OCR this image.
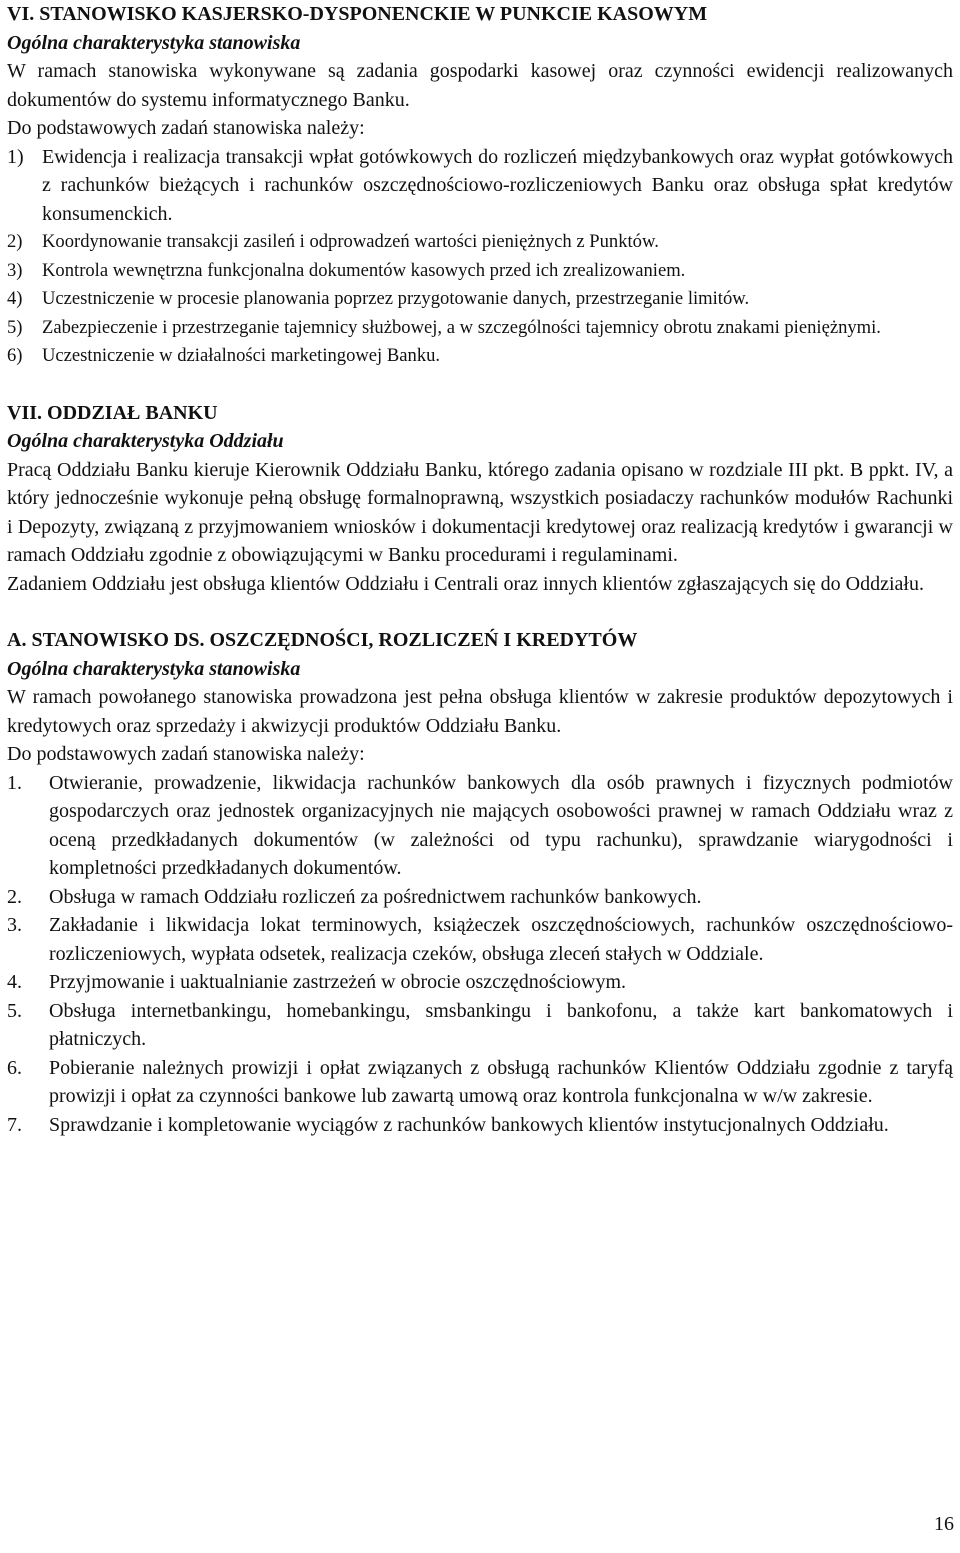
VI. STANOWISKO KASJERSKO-DYSPONENCKIE W PUNKCIE KASOWYM

Ogólna charakterystyka stanowiska

W ramach stanowiska wykonywane są zadania gospodarki kasowej oraz czynności ewidencji realizowanych dokumentów do systemu informatycznego Banku.

Do podstawowych zadań stanowiska należy:

1) Ewidencja i realizacja transakcji wpłat gotówkowych do rozliczeń międzybankowych oraz wypłat gotówkowych z rachunków bieżących i rachunków oszczędnościowo-rozliczeniowych Banku oraz obsługa spłat kredytów konsumenckich.
2)	Koordynowanie transakcji zasileń i odprowadzeń wartości pieniężnych z Punktów.
3)	Kontrola wewnętrzna funkcjonalna dokumentów kasowych przed ich zrealizowaniem.
4)	Uczestniczenie w procesie planowania poprzez przygotowanie danych, przestrzeganie limitów.
5)	Zabezpieczenie i przestrzeganie tajemnicy służbowej, a w szczególności tajemnicy obrotu znakami pieniężnymi.
6)	Uczestniczenie w działalności marketingowej Banku.

VII. ODDZIAŁ BANKU

Ogólna charakterystyka Oddziału

Pracą Oddziału Banku kieruje Kierownik Oddziału Banku, którego zadania opisano w rozdziale III pkt. B ppkt. IV, a który jednocześnie wykonuje pełną obsługę formalnoprawną, wszystkich posiadaczy rachunków modułów Rachunki i Depozyty, związaną z przyjmowaniem wniosków i dokumentacji kredytowej oraz realizacją kredytów i gwarancji w ramach Oddziału zgodnie z obowiązującymi w Banku procedurami i regulaminami.

Zadaniem Oddziału jest obsługa klientów Oddziału i Centrali oraz innych klientów zgłaszających się do Oddziału.

A. STANOWISKO DS. OSZCZĘDNOŚCI, ROZLICZEŃ I KREDYTÓW

Ogólna charakterystyka stanowiska

W ramach powołanego stanowiska prowadzona jest pełna obsługa klientów w zakresie produktów depozytowych i kredytowych oraz sprzedaży i akwizycji produktów Oddziału Banku.

Do podstawowych zadań stanowiska należy:

1.	Otwieranie, prowadzenie, likwidacja rachunków bankowych dla osób prawnych i fizycznych podmiotów gospodarczych oraz jednostek organizacyjnych nie mających osobowości prawnej w ramach Oddziału wraz z oceną przedkładanych dokumentów (w zależności od typu rachunku), sprawdzanie wiarygodności i kompletności przedkładanych dokumentów.
2.	Obsługa w ramach Oddziału rozliczeń za pośrednictwem rachunków bankowych.
3.	Zakładanie i likwidacja lokat terminowych, książeczek oszczędnościowych, rachunków oszczędnościowo-rozliczeniowych, wypłata odsetek, realizacja czeków, obsługa zleceń stałych w Oddziale.
4.	Przyjmowanie i uaktualnianie zastrzeżeń w obrocie oszczędnościowym.
5.	Obsługa internetbankingu, homebankingu, smsbankingu i bankofonu, a także kart bankomatowych i płatniczych.
6.	Pobieranie należnych prowizji i opłat związanych z obsługą rachunków Klientów Oddziału zgodnie z taryfą prowizji i opłat za czynności bankowe lub zawartą umową oraz kontrola funkcjonalna w w/w zakresie.
7.	Sprawdzanie i kompletowanie wyciągów z rachunków bankowych klientów instytucjonalnych Oddziału.
16
